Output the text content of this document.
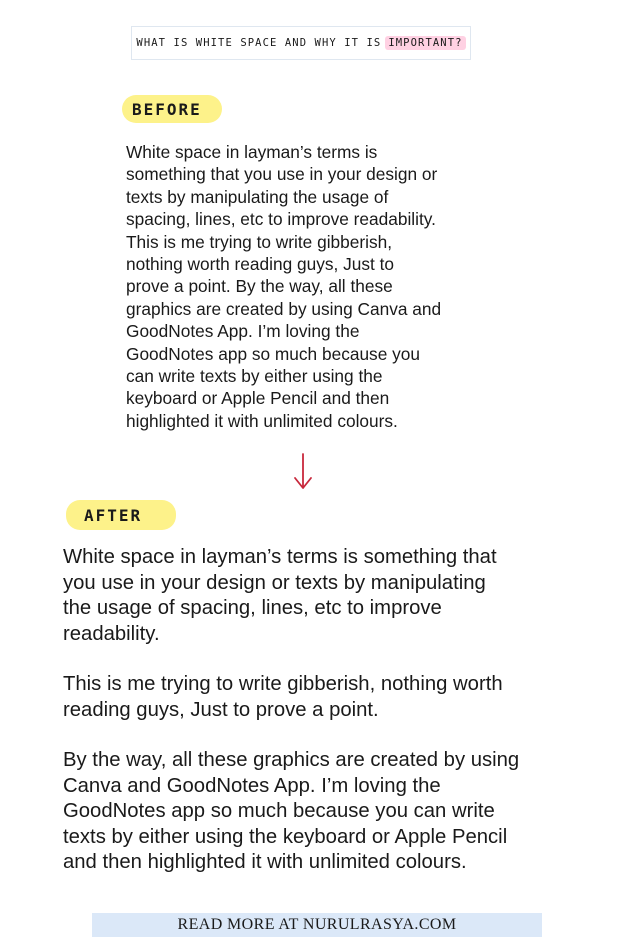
WHAT IS WHITE SPACE AND WHY IT IS IMPORTANT?
BEFORE

White space in layman’s terms is
something that you use in your design or
texts by manipulating the usage of
spacing, lines, etc to improve readability.
This is me trying to write gibberish,
nothing worth reading guys, Just to
prove a point. By the way, all these
graphics are created by using Canva and
GoodNotes App. I’m loving the
GoodNotes app so much because you
can write texts by either using the
keyboard or Apple Pencil and then
highlighted it with unlimited colours.

AFTER

White space in layman’s terms is something that
you use in your design or texts by manipulating
the usage of spacing, lines, etc to improve
readability.

This is me trying to write gibberish, nothing worth
reading guys, Just to prove a point.

By the way, all these graphics are created by using
Canva and GoodNotes App. I’m loving the
GoodNotes app so much because you can write
texts by either using the keyboard or Apple Pencil
and then highlighted it with unlimited colours.

READ MORE AT NURULRASYA.COM
